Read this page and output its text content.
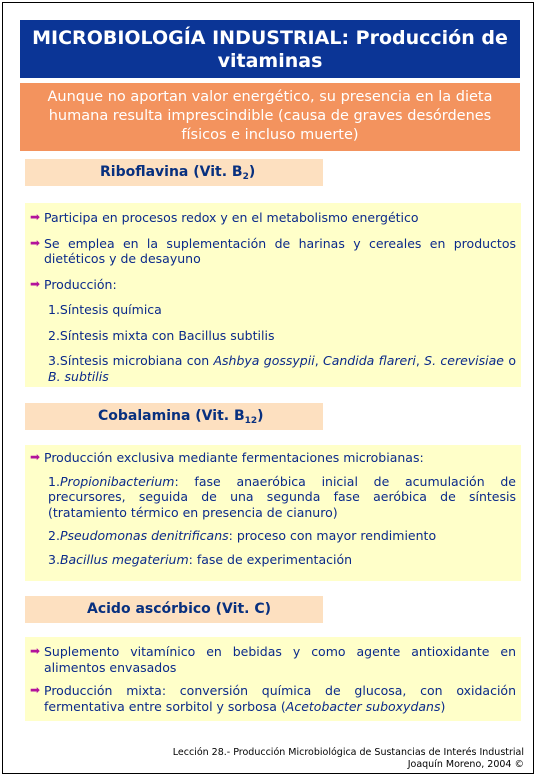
MICROBIOLOGÍA INDUSTRIAL: Producción de
vitaminas
Aunque no aportan valor energético, su presencia en la dieta
humana resulta imprescindible (causa de graves desórdenes
físicos e incluso muerte)
Riboflavina (Vit. $B_2$)
➡ Participa en procesos redox y en el metabolismo energético
➡ Se emplea en la suplementación de harinas y cereales en productos dietéticos y de desayuno
➡ Producción:
1.Síntesis química
2.Síntesis mixta con Bacillus subtilis
3.Síntesis microbiana con Ashbya gossypii, Candida flareri, S. cerevisiae o B. subtilis
Cobalamina (Vit. $B_{12}$)
➡ Producción exclusiva mediante fermentaciones microbianas:
1.Propionibacterium: fase anaeróbica inicial de acumulación de precursores, seguida de una segunda fase aeróbica de síntesis (tratamiento térmico en presencia de cianuro)
2.Pseudomonas denitrificans: proceso con mayor rendimiento
3.Bacillus megaterium: fase de experimentación
Acido ascórbico (Vit. C)
➡ Suplemento vitamínico en bebidas y como agente antioxidante en alimentos envasados
➡ Producción mixta: conversión química de glucosa, con oxidación fermentativa entre sorbitol y sorbosa (Acetobacter suboxydans)
Lección 28.- Producción Microbiológica de Sustancias de Interés Industrial
Joaquín Moreno, 2004 ©
